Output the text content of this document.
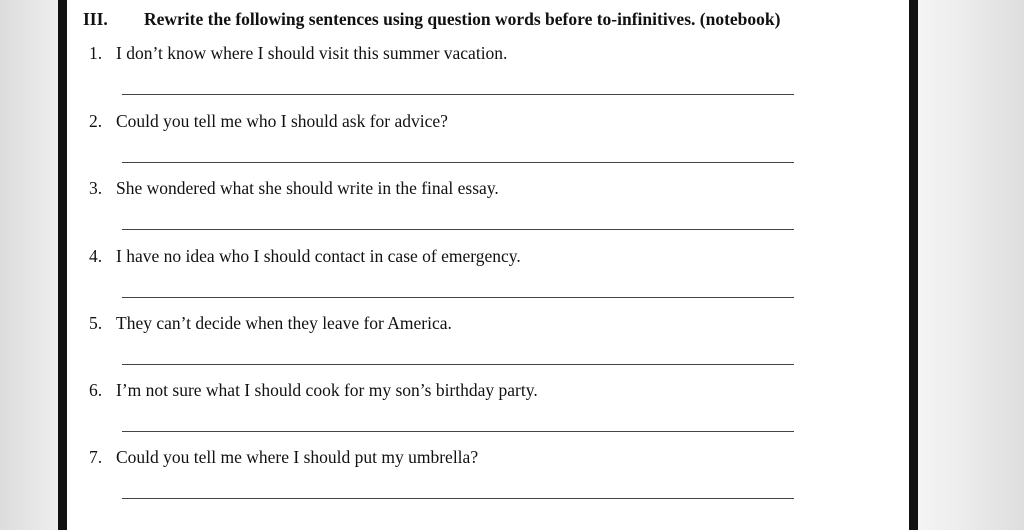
III. Rewrite the following sentences using question words before to-infinitives. (notebook)
1. I don’t know where I should visit this summer vacation.
2. Could you tell me who I should ask for advice?
3. She wondered what she should write in the final essay.
4. I have no idea who I should contact in case of emergency.
5. They can’t decide when they leave for America.
6. I’m not sure what I should cook for my son’s birthday party.
7. Could you tell me where I should put my umbrella?
